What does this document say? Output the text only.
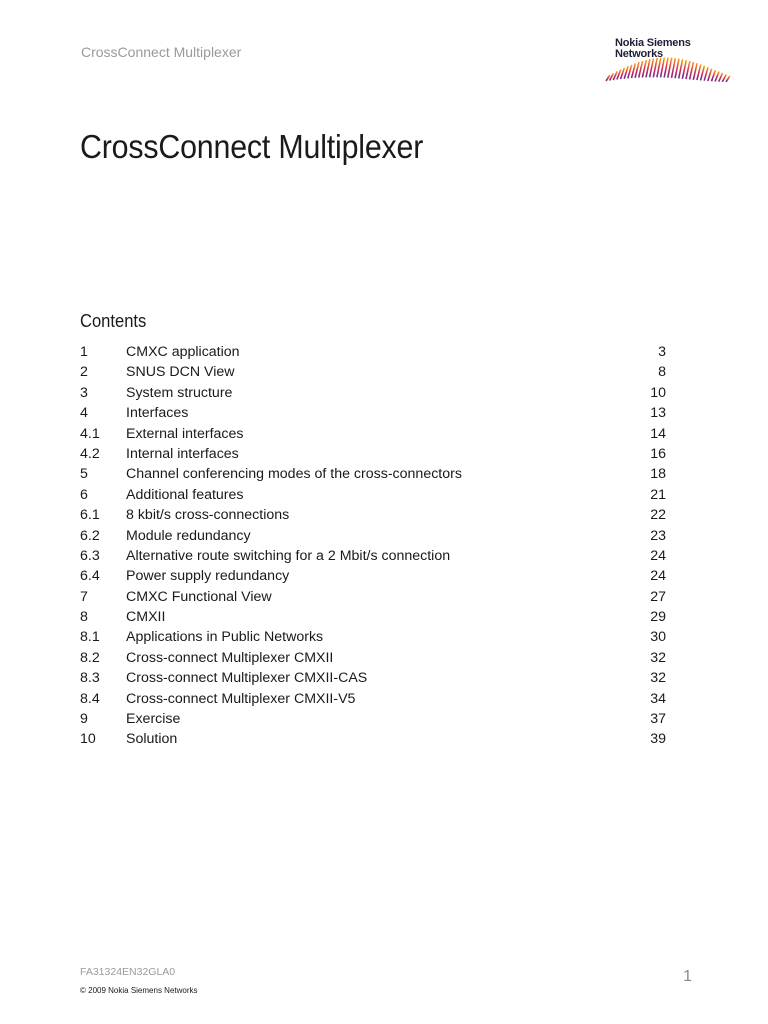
CrossConnect Multiplexer
Nokia Siemens
Networks
CrossConnect Multiplexer
Contents
1	CMXC application	3
2	SNUS DCN View	8
3	System structure	10
4	Interfaces	13
4.1 External interfaces	14
4.2 Internal interfaces	16
5	Channel conferencing modes of the cross-connectors	18
6	Additional features	21
6.1 8 kbit/s cross-connections	22
6.2 Module redundancy	23
6.3 Alternative route switching for a 2 Mbit/s connection	24
6.4 Power supply redundancy	24
7	CMXC Functional View	27
8	CMXII	29
8.1 Applications in Public Networks	30
8.2 Cross-connect Multiplexer CMXII	32
8.3 Cross-connect Multiplexer CMXII-CAS	32
8.4 Cross-connect Multiplexer CMXII-V5	34
9	Exercise	37
10 Solution	39
FA31324EN32GLA0	1
© 2009 Nokia Siemens Networks
